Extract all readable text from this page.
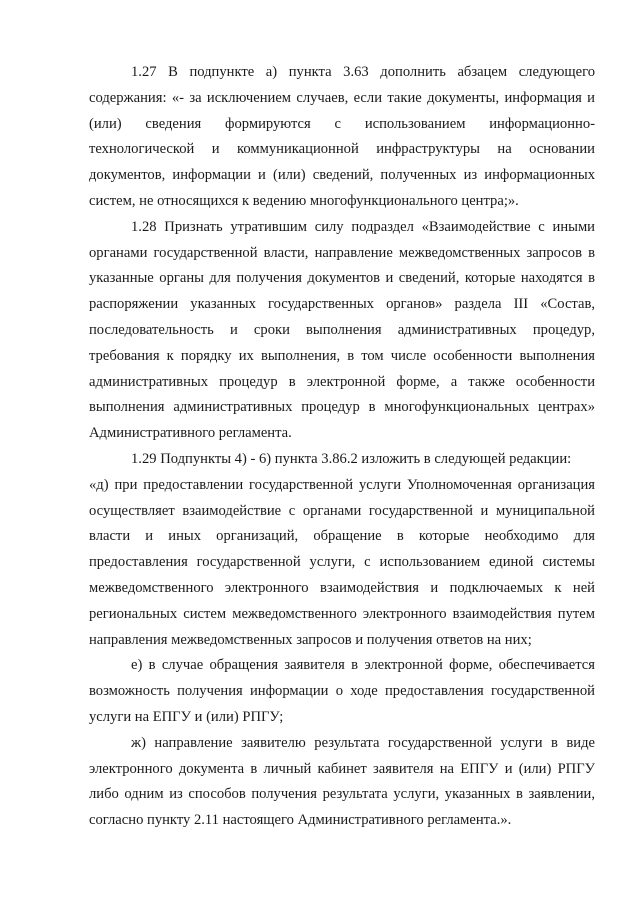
1.27 В подпункте а) пункта 3.63 дополнить абзацем следующего содержания: «- за исключением случаев, если такие документы, информация и (или) сведения формируются с использованием информационно-технологической и коммуникационной инфраструктуры на основании документов, информации и (или) сведений, полученных из информационных систем, не относящихся к ведению многофункционального центра;».

1.28 Признать утратившим силу подраздел «Взаимодействие с иными органами государственной власти, направление межведомственных запросов в указанные органы для получения документов и сведений, которые находятся в распоряжении указанных государственных органов» раздела III «Состав, последовательность и сроки выполнения административных процедур, требования к порядку их выполнения, в том числе особенности выполнения административных процедур в электронной форме, а также особенности выполнения административных процедур в многофункциональных центрах» Административного регламента.

1.29 Подпункты 4) - 6) пункта 3.86.2 изложить в следующей редакции:

«д) при предоставлении государственной услуги Уполномоченная организация осуществляет взаимодействие с органами государственной и муниципальной власти и иных организаций, обращение в которые необходимо для предоставления государственной услуги, с использованием единой системы межведомственного электронного взаимодействия и подключаемых к ней региональных систем межведомственного электронного взаимодействия путем направления межведомственных запросов и получения ответов на них;

е) в случае обращения заявителя в электронной форме, обеспечивается возможность получения информации о ходе предоставления государственной услуги на ЕПГУ и (или) РПГУ;

ж) направление заявителю результата государственной услуги в виде электронного документа в личный кабинет заявителя на ЕПГУ и (или) РПГУ либо одним из способов получения результата услуги, указанных в заявлении, согласно пункту 2.11 настоящего Административного регламента.».
